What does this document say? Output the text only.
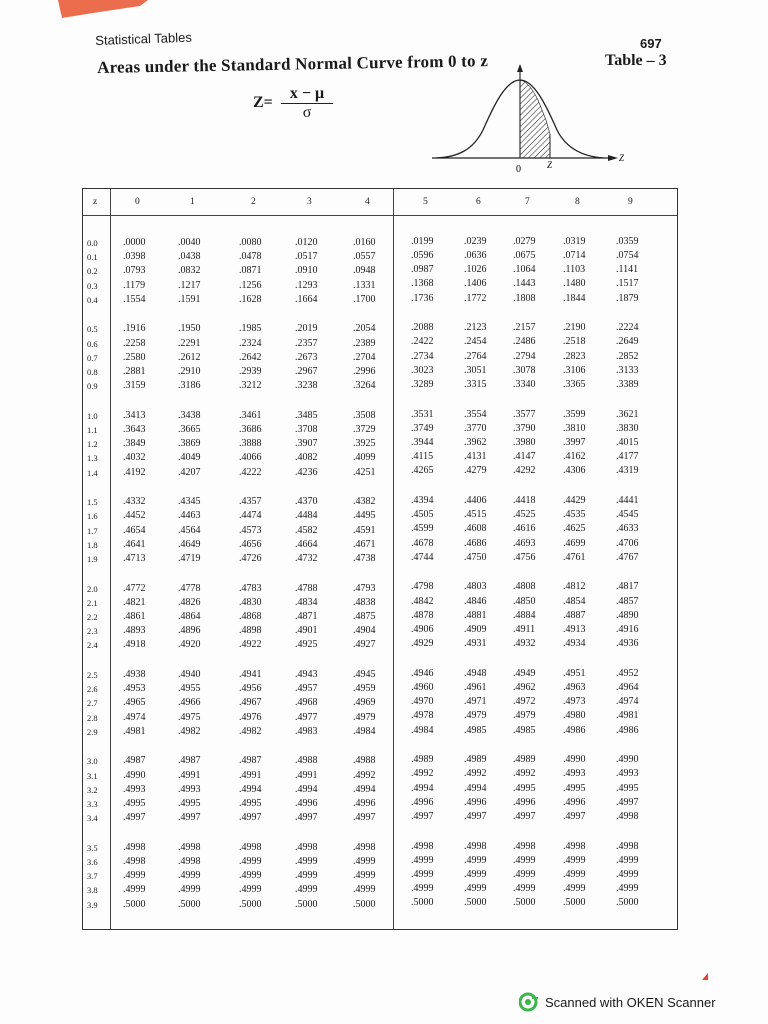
Statistical Tables	697
Table – 3
Areas under the Standard Normal Curve from 0 to z
Z=
x − μ
σ
0	Z
Z
z	0	1	2	3	4	5	6	7	8	9
0.0	.0000	.0040	.0080	.0120	.0160	.0199	.0239	.0279	.0319	.0359
0.1	.0398	.0438	.0478	.0517	.0557	.0596	.0636	.0675	.0714	.0754
0.2	.0793	.0832	.0871	.0910	.0948	.0987	.1026	.1064	.1103	.1141
0.3	.1179	.1217	.1256	.1293	.1331	.1368	.1406	.1443	.1480	.1517
0.4	.1554	.1591	.1628	.1664	.1700	.1736	.1772	.1808	.1844	.1879
0.5	.1916	.1950	.1985	.2019	.2054	.2088	.2123	.2157	.2190	.2224
0.6	.2258	.2291	.2324	.2357	.2389	.2422	.2454	.2486	.2518	.2649
0.7	.2580	.2612	.2642	.2673	.2704	.2734	.2764	.2794	.2823	.2852
0.8	.2881	.2910	.2939	.2967	.2996	.3023	.3051	.3078	.3106	.3133
0.9	.3159	.3186	.3212	.3238	.3264	.3289	.3315	.3340	.3365	.3389
1.0	.3413	.3438	.3461	.3485	.3508	.3531	.3554	.3577	.3599	.3621
1.1	.3643	.3665	.3686	.3708	.3729	.3749	.3770	.3790	.3810	.3830
1.2	.3849	.3869	.3888	.3907	.3925	.3944	.3962	.3980	.3997	.4015
1.3	.4032	.4049	.4066	.4082	.4099	.4115	.4131	.4147	.4162	.4177
1.4	.4192	.4207	.4222	.4236	.4251	.4265	.4279	.4292	.4306	.4319
1.5	.4332	.4345	.4357	.4370	.4382	.4394	.4406	.4418	.4429	.4441
1.6	.4452	.4463	.4474	.4484	.4495	.4505	.4515	.4525	.4535	.4545
1.7	.4654	.4564	.4573	.4582	.4591	.4599	.4608	.4616	.4625	.4633
1.8	.4641	.4649	.4656	.4664	.4671	.4678	.4686	.4693	.4699	.4706
1.9	.4713	.4719	.4726	.4732	.4738	.4744	.4750	.4756	.4761	.4767
2.0	.4772	.4778	.4783	.4788	.4793	.4798	.4803	.4808	.4812	.4817
2.1	.4821	.4826	.4830	.4834	.4838	.4842	.4846	.4850	.4854	.4857
2.2	.4861	.4864	.4868	.4871	.4875	.4878	.4881	.4884	.4887	.4890
2.3	.4893	.4896	.4898	.4901	.4904	.4906	.4909	.4911	.4913	.4916
2.4	.4918	.4920	.4922	.4925	.4927	.4929	.4931	.4932	.4934	.4936
2.5	.4938	.4940	.4941	.4943	.4945	.4946	.4948	.4949	.4951	.4952
2.6	.4953	.4955	.4956	.4957	.4959	.4960	.4961	.4962	.4963	.4964
2.7	.4965	.4966	.4967	.4968	.4969	.4970	.4971	.4972	.4973	.4974
2.8	.4974	.4975	.4976	.4977	.4979	.4978	.4979	.4979	.4980	.4981
2.9	.4981	.4982	.4982	.4983	.4984	.4984	.4985	.4985	.4986	.4986
3.0	.4987	.4987	.4987	.4988	.4988	.4989	.4989	.4989	.4990	.4990
3.1	.4990	.4991	.4991	.4991	.4992	.4992	.4992	.4992	.4993	.4993
3.2	.4993	.4993	.4994	.4994	.4994	.4994	.4994	.4995	.4995	.4995
3.3	.4995	.4995	.4995	.4996	.4996	.4996	.4996	.4996	.4996	.4997
3.4	.4997	.4997	.4997	.4997	.4997	.4997	.4997	.4997	.4997	.4998
3.5	.4998	.4998	.4998	.4998	.4998	.4998	.4998	.4998	.4998	.4998
3.6	.4998	.4998	.4999	.4999	.4999	.4999	.4999	.4999	.4999	.4999
3.7	.4999	.4999	.4999	.4999	.4999	.4999	.4999	.4999	.4999	.4999
3.8	.4999	.4999	.4999	.4999	.4999	.4999	.4999	.4999	.4999	.4999
3.9	.5000	.5000	.5000	.5000	.5000	.5000	.5000	.5000	.5000	.5000
Scanned with OKEN Scanner
